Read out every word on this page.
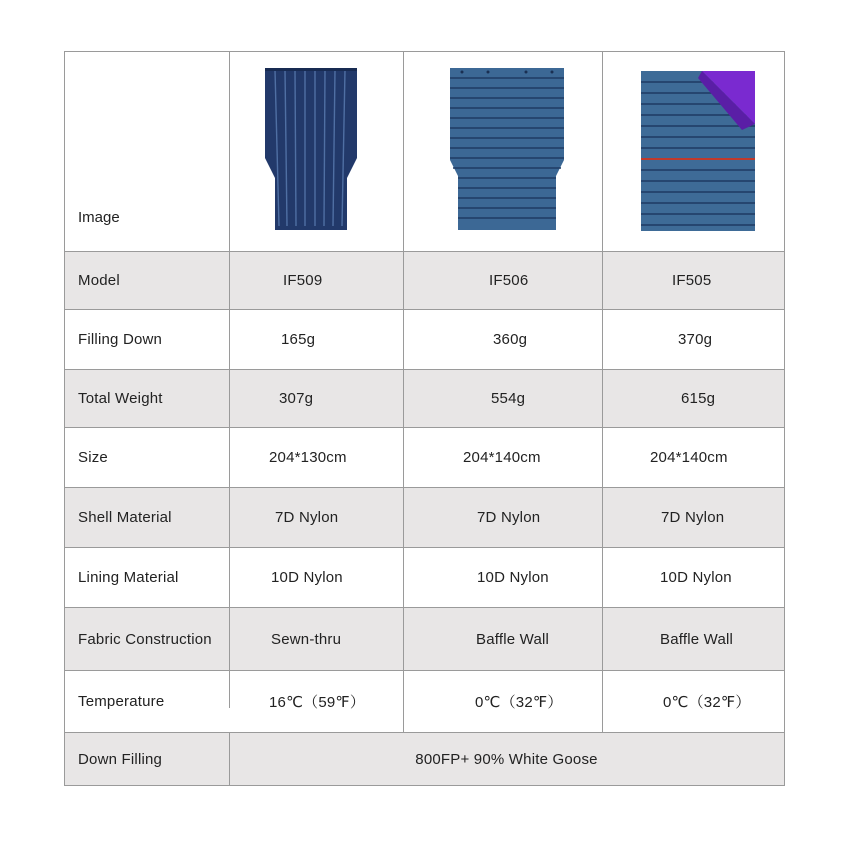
Image
Model	IF509	IF506	IF505
Filling Down	165g	360g	370g
Total Weight	307g	554g	615g
Size	204*130cm	204*140cm	204*140cm
Shell Material	7D Nylon	7D Nylon	7D Nylon
Lining Material	10D Nylon	10D Nylon	10D Nylon
Fabric Construction	Sewn-thru	Baffle Wall	Baffle Wall
Temperature	16℃（59℉）	0℃（32℉）	0℃（32℉）
Down Filling	800FP+ 90% White Goose
